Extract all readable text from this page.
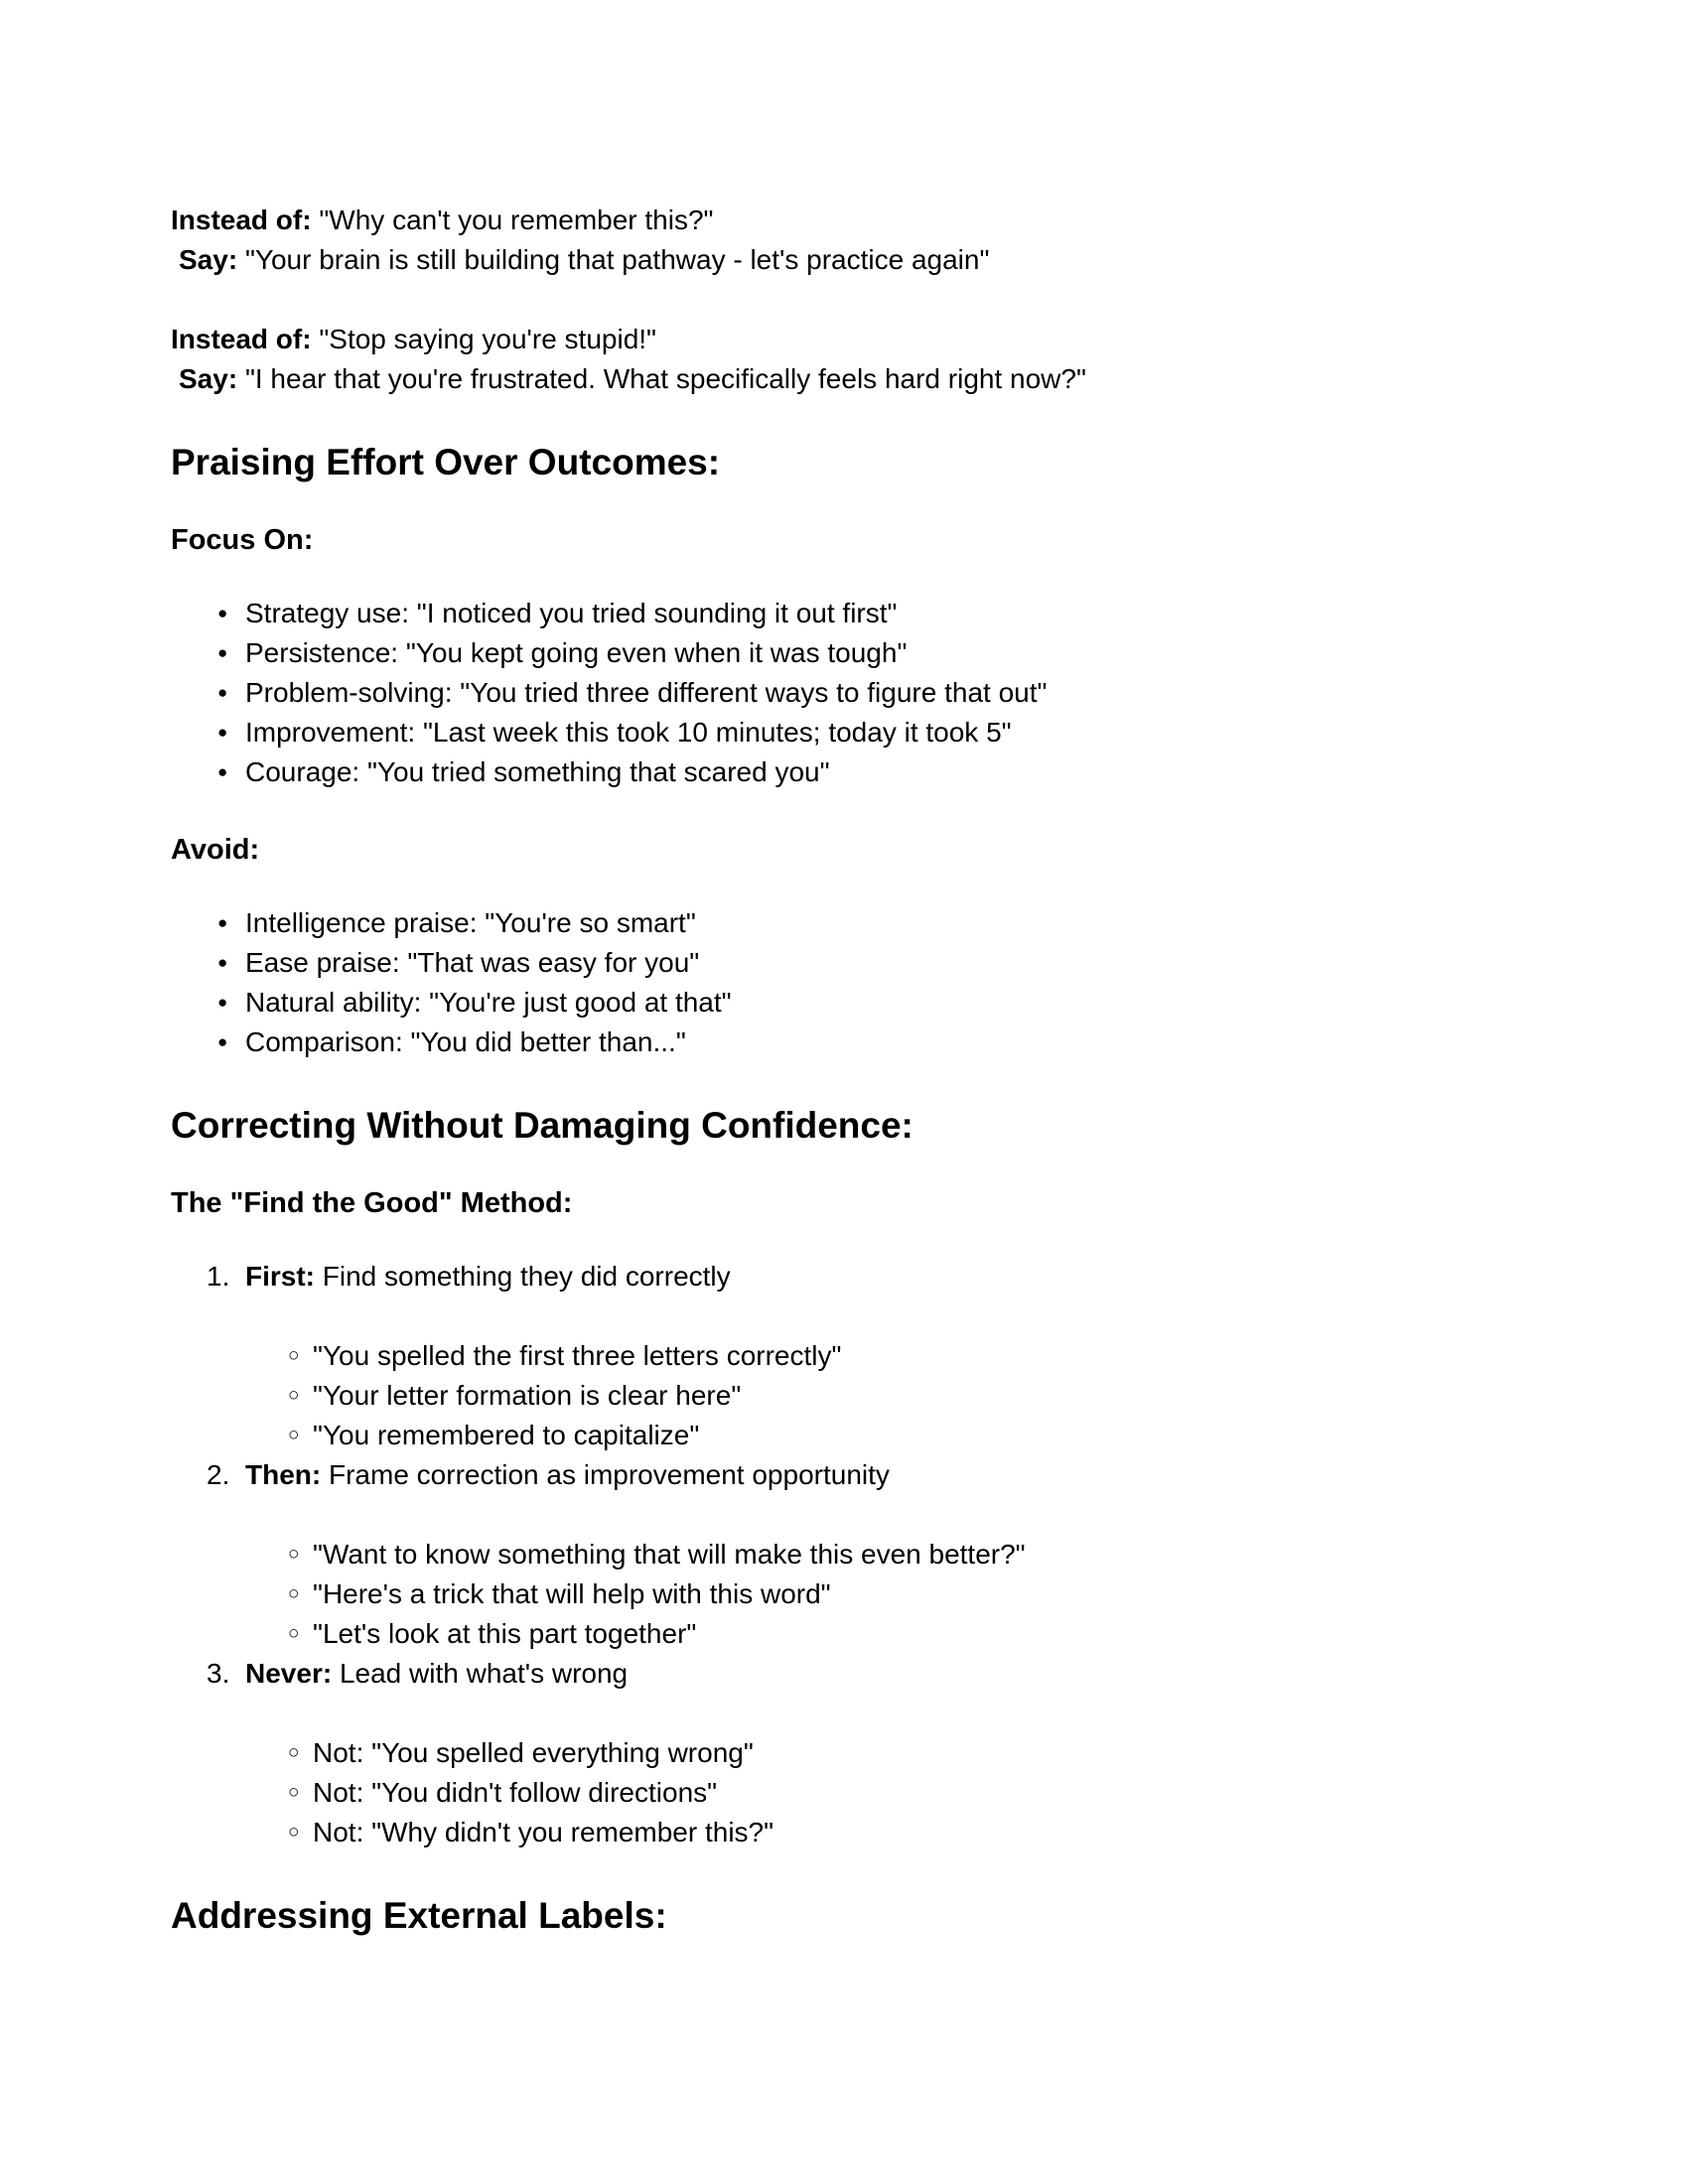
Instead of: "Why can't you remember this?"
Say: "Your brain is still building that pathway - let's practice again"

Instead of: "Stop saying you're stupid!"
Say: "I hear that you're frustrated. What specifically feels hard right now?"

Praising Effort Over Outcomes:
Focus On:
● Strategy use: "I noticed you tried sounding it out first"
● Persistence: "You kept going even when it was tough"
● Problem-solving: "You tried three different ways to figure that out"
● Improvement: "Last week this took 10 minutes; today it took 5"
● Courage: "You tried something that scared you"
Avoid:
● Intelligence praise: "You're so smart"
● Ease praise: "That was easy for you"
● Natural ability: "You're just good at that"
● Comparison: "You did better than..."
Correcting Without Damaging Confidence:
The "Find the Good" Method:
1. First: Find something they did correctly
○ "You spelled the first three letters correctly"
○ "Your letter formation is clear here"
○ "You remembered to capitalize"
2. Then: Frame correction as improvement opportunity
○ "Want to know something that will make this even better?"
○ "Here's a trick that will help with this word"
○ "Let's look at this part together"
3. Never: Lead with what's wrong
○ Not: "You spelled everything wrong"
○ Not: "You didn't follow directions"
○ Not: "Why didn't you remember this?"
Addressing External Labels:
